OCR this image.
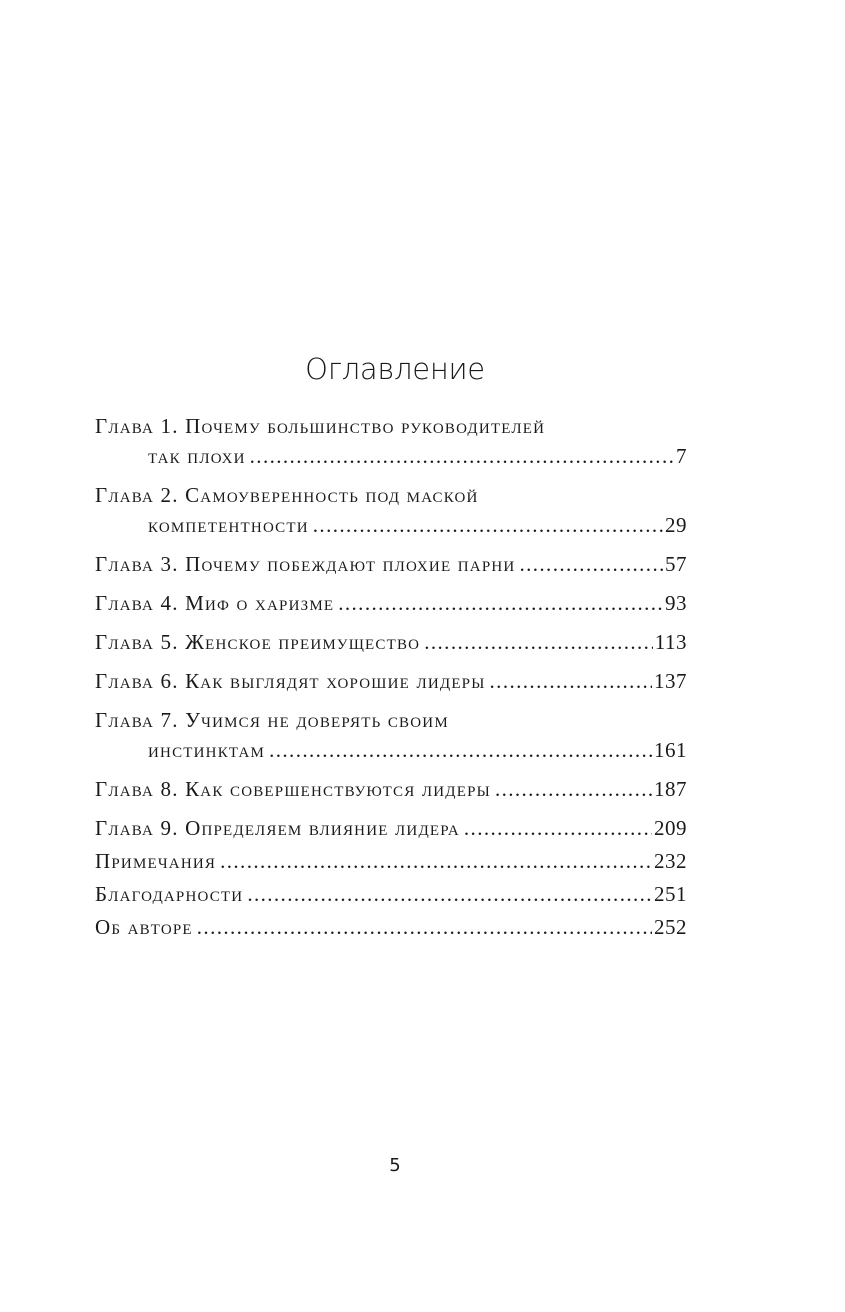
Оглавление
Глава 1. Почему большинство руководителей
так плохи .....	7
Глава 2. Самоуверенность под маской
компетентности .....	29
Глава 3. Почему побеждают плохие парни .....	57
Глава 4. Миф о харизме .....	93
Глава 5. Женское преимущество .....	113
Глава 6. Как выглядят хорошие лидеры .....	137
Глава 7. Учимся не доверять своим
инстинктам .....	161
Глава 8. Как совершенствуются лидеры .....	187
Глава 9. Определяем влияние лидера .....	209
Примечания .....	232
Благодарности .....	251
Об авторе .....	252
5
